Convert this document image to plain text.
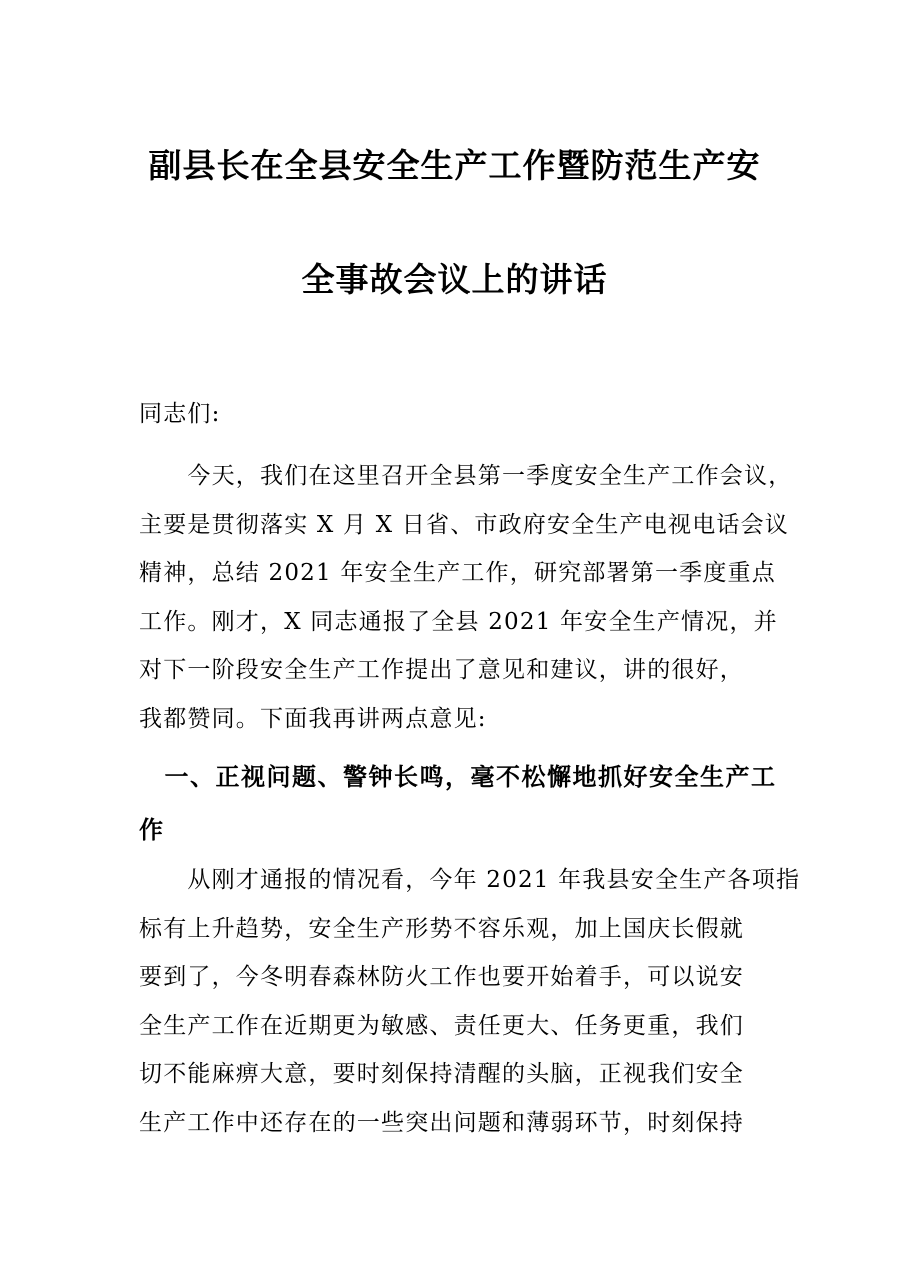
副县长在全县安全生产工作暨防范生产安
全事故会议上的讲话
同志们:
　　今天，我们在这里召开全县第一季度安全生产工作会议，
主要是贯彻落实 X 月 X 日省、市政府安全生产电视电话会议
精神，总结 2021 年安全生产工作，研究部署第一季度重点
工作。刚才，X 同志通报了全县 2021 年安全生产情况，并
对下一阶段安全生产工作提出了意见和建议，讲的很好，
我都赞同。下面我再讲两点意见:
　一、正视问题、警钟长鸣，毫不松懈地抓好安全生产工
作
　　从刚才通报的情况看，今年 2021 年我县安全生产各项指
标有上升趋势，安全生产形势不容乐观，加上国庆长假就
要到了，今冬明春森林防火工作也要开始着手，可以说安
全生产工作在近期更为敏感、责任更大、任务更重，我们
切不能麻痹大意，要时刻保持清醒的头脑，正视我们安全
生产工作中还存在的一些突出问题和薄弱环节，时刻保持
